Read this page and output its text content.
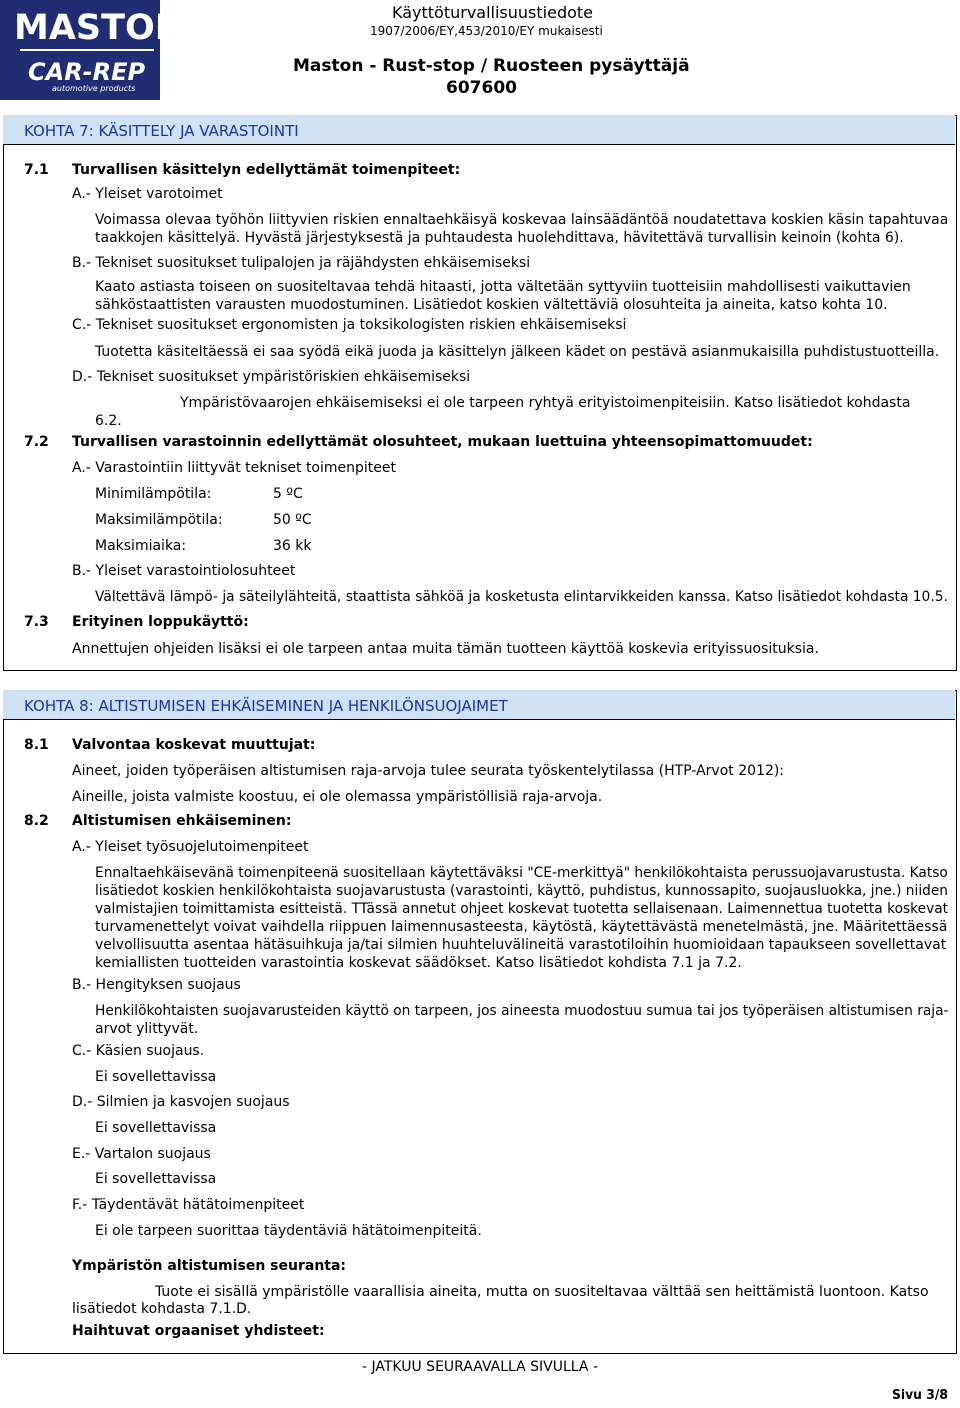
MASTON
CAR-REP
automotive products
Käyttöturvallisuustiedote
1907/2006/EY,453/2010/EY mukaisesti
Maston - Rust-stop / Ruosteen pysäyttäjä
607600
KOHTA 7: KÄSITTELY JA VARASTOINTI
7.1 Turvallisen käsittelyn edellyttämät toimenpiteet:
A.- Yleiset varotoimet
Voimassa olevaa työhön liittyvien riskien ennaltaehkäisyä koskevaa lainsäädäntöä noudatettava koskien käsin tapahtuvaa
taakkojen käsittelyä. Hyvästä järjestyksestä ja puhtaudesta huolehdittava, hävitettävä turvallisin keinoin (kohta 6).
B.- Tekniset suositukset tulipalojen ja räjähdysten ehkäisemiseksi
Kaato astiasta toiseen on suositeltavaa tehdä hitaasti, jotta vältetään syttyviin tuotteisiin mahdollisesti vaikuttavien
sähköstaattisten varausten muodostuminen. Lisätiedot koskien vältettäviä olosuhteita ja aineita, katso kohta 10.
C.- Tekniset suositukset ergonomisten ja toksikologisten riskien ehkäisemiseksi
Tuotetta käsiteltäessä ei saa syödä eikä juoda ja käsittelyn jälkeen kädet on pestävä asianmukaisilla puhdistustuotteilla.
D.- Tekniset suositukset ympäristöriskien ehkäisemiseksi
Ympäristövaarojen ehkäisemiseksi ei ole tarpeen ryhtyä erityistoimenpiteisiin. Katso lisätiedot kohdasta
6.2.
7.2 Turvallisen varastoinnin edellyttämät olosuhteet, mukaan luettuina yhteensopimattomuudet:
A.- Varastointiin liittyvät tekniset toimenpiteet
Minimilämpötila:	5 ºC
Maksimilämpötila:	50 ºC
Maksimiaika:	36 kk
B.- Yleiset varastointiolosuhteet
Vältettävä lämpö- ja säteilylähteitä, staattista sähköä ja kosketusta elintarvikkeiden kanssa. Katso lisätiedot kohdasta 10.5.
7.3 Erityinen loppukäyttö:
Annettujen ohjeiden lisäksi ei ole tarpeen antaa muita tämän tuotteen käyttöä koskevia erityissuosituksia.
KOHTA 8: ALTISTUMISEN EHKÄISEMINEN JA HENKILÖNSUOJAIMET
8.1 Valvontaa koskevat muuttujat:
Aineet, joiden työperäisen altistumisen raja-arvoja tulee seurata työskentelytilassa (HTP-Arvot 2012):
Aineille, joista valmiste koostuu, ei ole olemassa ympäristöllisiä raja-arvoja.
8.2 Altistumisen ehkäiseminen:
A.- Yleiset työsuojelutoimenpiteet
Ennaltaehkäisevänä toimenpiteenä suositellaan käytettäväksi "CE-merkittyä" henkilökohtaista perussuojavarustusta. Katso
lisätiedot koskien henkilökohtaista suojavarustusta (varastointi, käyttö, puhdistus, kunnossapito, suojausluokka, jne.) niiden
valmistajien toimittamista esitteistä. TTässä annetut ohjeet koskevat tuotetta sellaisenaan. Laimennettua tuotetta koskevat
turvamenettelyt voivat vaihdella riippuen laimennusasteesta, käytöstä, käytettävästä menetelmästä, jne. Määritettäessä
velvollisuutta asentaa hätäsuihkuja ja/tai silmien huuhteluvälineitä varastotiloihin huomioidaan tapaukseen sovellettavat
kemiallisten tuotteiden varastointia koskevat säädökset. Katso lisätiedot kohdista 7.1 ja 7.2.
B.- Hengityksen suojaus
Henkilökohtaisten suojavarusteiden käyttö on tarpeen, jos aineesta muodostuu sumua tai jos työperäisen altistumisen raja-
arvot ylittyvät.
C.- Käsien suojaus.
Ei sovellettavissa
D.- Silmien ja kasvojen suojaus
Ei sovellettavissa
E.- Vartalon suojaus
Ei sovellettavissa
F.- Täydentävät hätätoimenpiteet
Ei ole tarpeen suorittaa täydentäviä hätätoimenpiteitä.
Ympäristön altistumisen seuranta:
Tuote ei sisällä ympäristölle vaarallisia aineita, mutta on suositeltavaa välttää sen heittämistä luontoon. Katso
lisätiedot kohdasta 7.1.D.
Haihtuvat orgaaniset yhdisteet:
- JATKUU SEURAAVALLA SIVULLA -
Sivu 3/8
